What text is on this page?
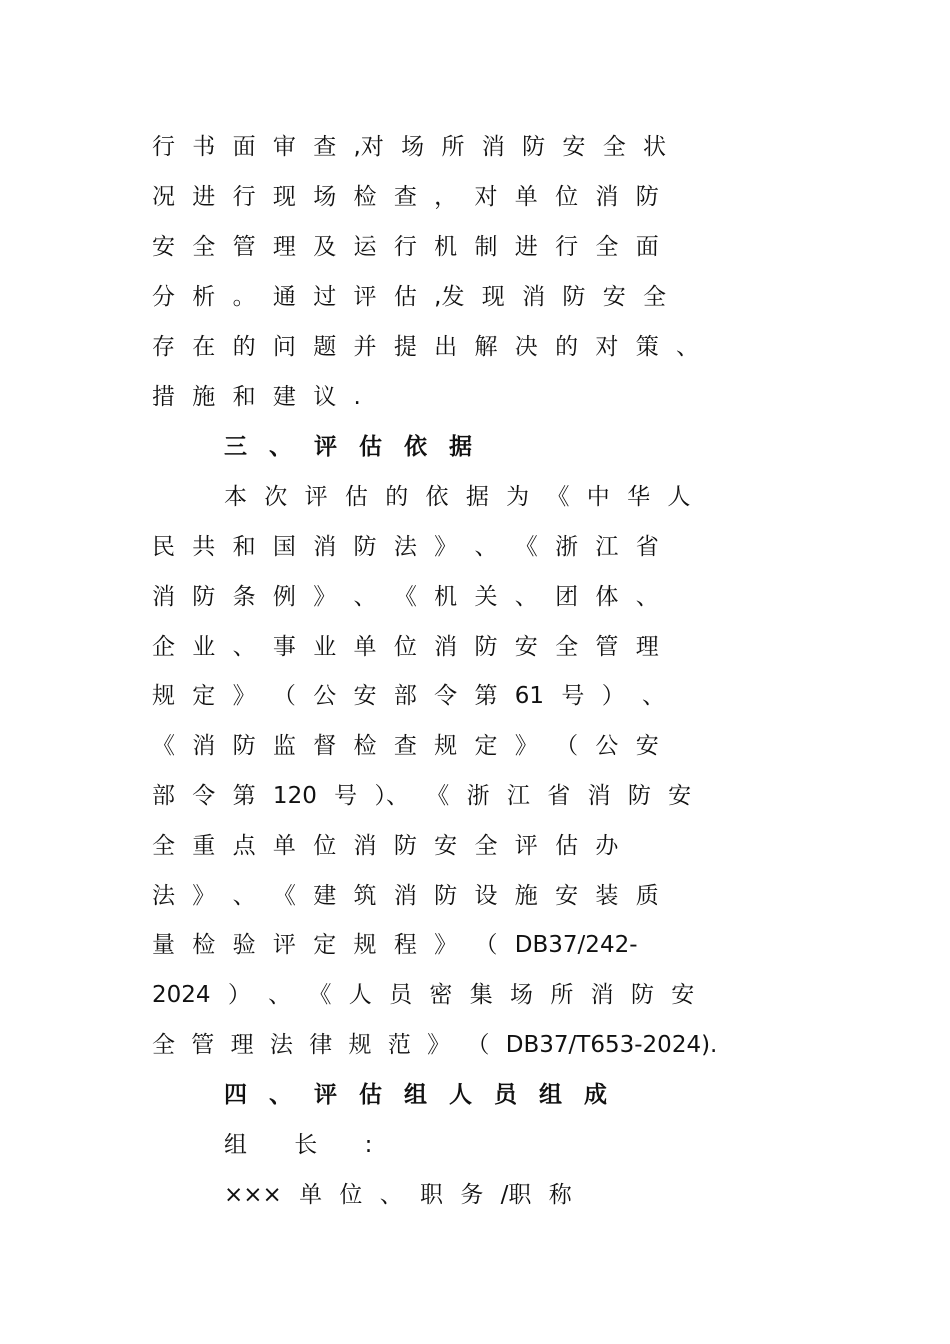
行 书 面 审 查 ,对 场 所 消 防 安 全 状
况 进 行 现 场 检 查 ， 对 单 位 消 防
安 全 管 理 及 运 行 机 制 进 行 全 面
分 析 。 通 过 评 估 ,发 现 消 防 安 全
存 在 的 问 题 并 提 出 解 决 的 对 策 、
措 施 和 建 议 .
三 、 评 估 依 据
本 次 评 估 的 依 据 为 《 中 华 人
民 共 和 国 消 防 法 》 、 《 浙 江 省
消 防 条 例 》 、 《 机 关 、 团 体 、
企 业 、 事 业 单 位 消 防 安 全 管 理
规 定 》 （ 公 安 部 令 第 61 号 ） 、
《 消 防 监 督 检 查 规 定 》 （ 公 安
部 令 第 120 号 ）、 《 浙 江 省 消 防 安
全 重 点 单 位 消 防 安 全 评 估 办
法 》 、 《 建 筑 消 防 设 施 安 装 质
量 检 验 评 定 规 程 》 （ DB37/242-
2024 ） 、 《 人 员 密 集 场 所 消 防 安
全 管 理 法 律 规 范 》 （ DB37/T653-2024).
四 、 评 估 组 人 员 组 成
组 长 :
××× 单 位 、 职 务 /职 称
